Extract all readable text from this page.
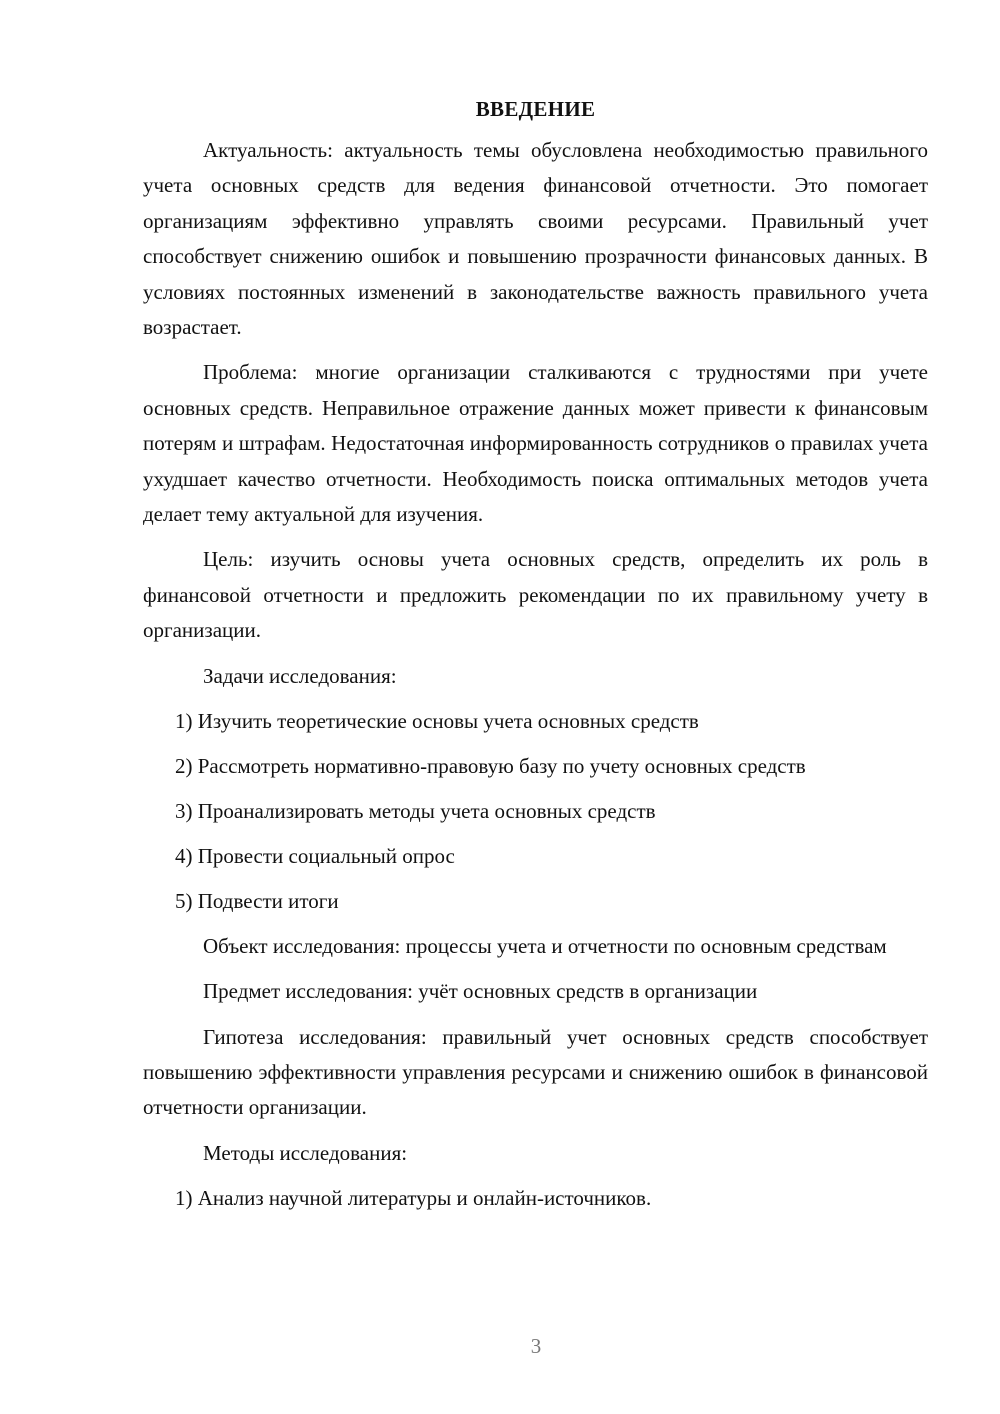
ВВЕДЕНИЕ

Актуальность: актуальность темы обусловлена необходимостью правильного учета основных средств для ведения финансовой отчетности. Это помогает организациям эффективно управлять своими ресурсами. Правильный учет способствует снижению ошибок и повышению прозрачности финансовых данных. В условиях постоянных изменений в законодательстве важность правильного учета возрастает.

Проблема: многие организации сталкиваются с трудностями при учете основных средств. Неправильное отражение данных может привести к финансовым потерям и штрафам. Недостаточная информированность сотрудников о правилах учета ухудшает качество отчетности. Необходимость поиска оптимальных методов учета делает тему актуальной для изучения.

Цель: изучить основы учета основных средств, определить их роль в финансовой отчетности и предложить рекомендации по их правильному учету в организации.

Задачи исследования:

1) Изучить теоретические основы учета основных средств
2) Рассмотреть нормативно-правовую базу по учету основных средств
3) Проанализировать методы учета основных средств
4) Провести социальный опрос
5) Подвести итоги

Объект исследования: процессы учета и отчетности по основным средствам

Предмет исследования: учёт основных средств в организации

Гипотеза исследования: правильный учет основных средств способствует повышению эффективности управления ресурсами и снижению ошибок в финансовой отчетности организации.

Методы исследования:

1) Анализ научной литературы и онлайн-источников.
3
